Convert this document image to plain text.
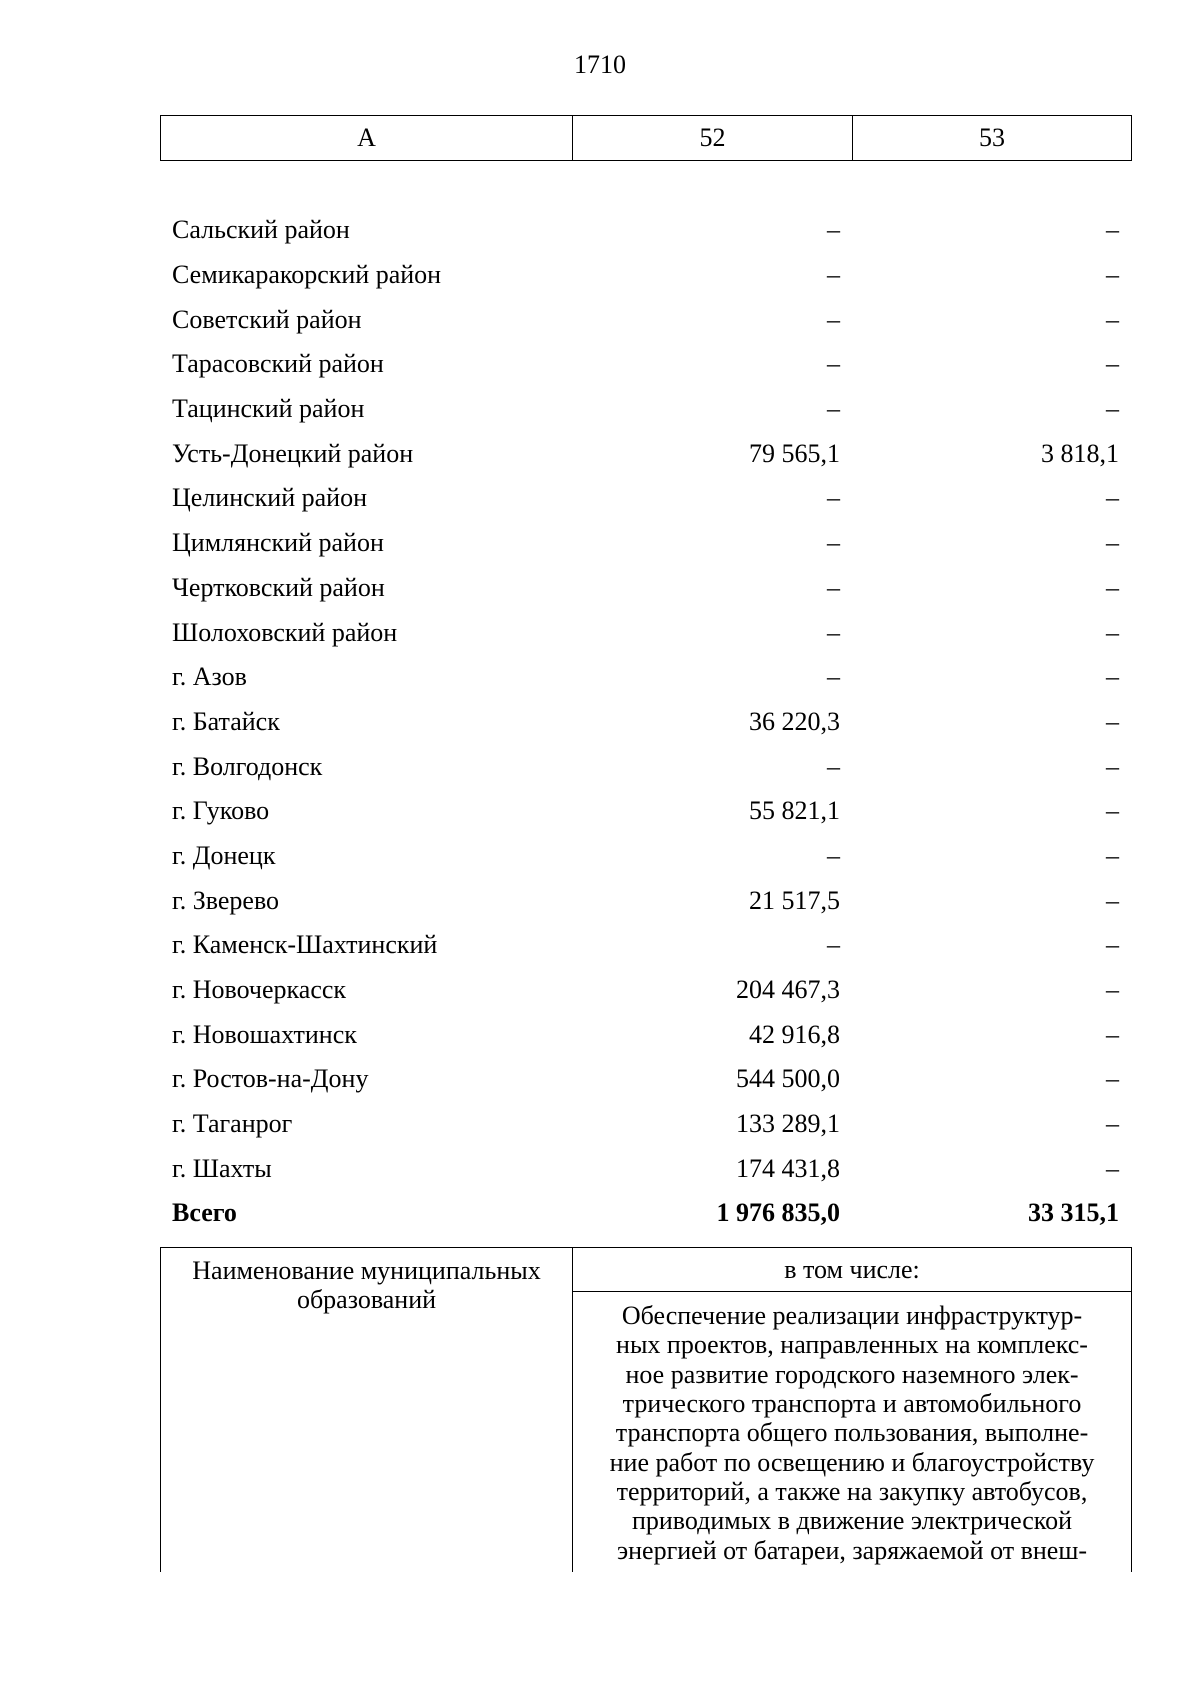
1710
А	52	53
Сальский район	–	–
Семикаракорский район	–	–
Советский район	–	–
Тарасовский район	–	–
Тацинский район	–	–
Усть-Донецкий район	79 565,1	3 818,1
Целинский район	–	–
Цимлянский район	–	–
Чертковский район	–	–
Шолоховский район	–	–
г. Азов	–	–
г. Батайск	36 220,3	–
г. Волгодонск	–	–
г. Гуково	55 821,1	–
г. Донецк	–	–
г. Зверево	21 517,5	–
г. Каменск-Шахтинский	–	–
г. Новочеркасск	204 467,3	–
г. Новошахтинск	42 916,8	–
г. Ростов-на-Дону	544 500,0	–
г. Таганрог	133 289,1	–
г. Шахты	174 431,8	–
Всего	1 976 835,0	33 315,1
Наименование муниципальных
образований
	в том числе:

Обеспечение реализации инфраструктур-
ных проектов, направленных на комплекс-
ное развитие городского наземного элек-
трического транспорта и автомобильного
транспорта общего пользования, выполне-
ние работ по освещению и благоустройству
территорий, а также на закупку автобусов,
приводимых в движение электрической
энергией от батареи, заряжаемой от внеш-
